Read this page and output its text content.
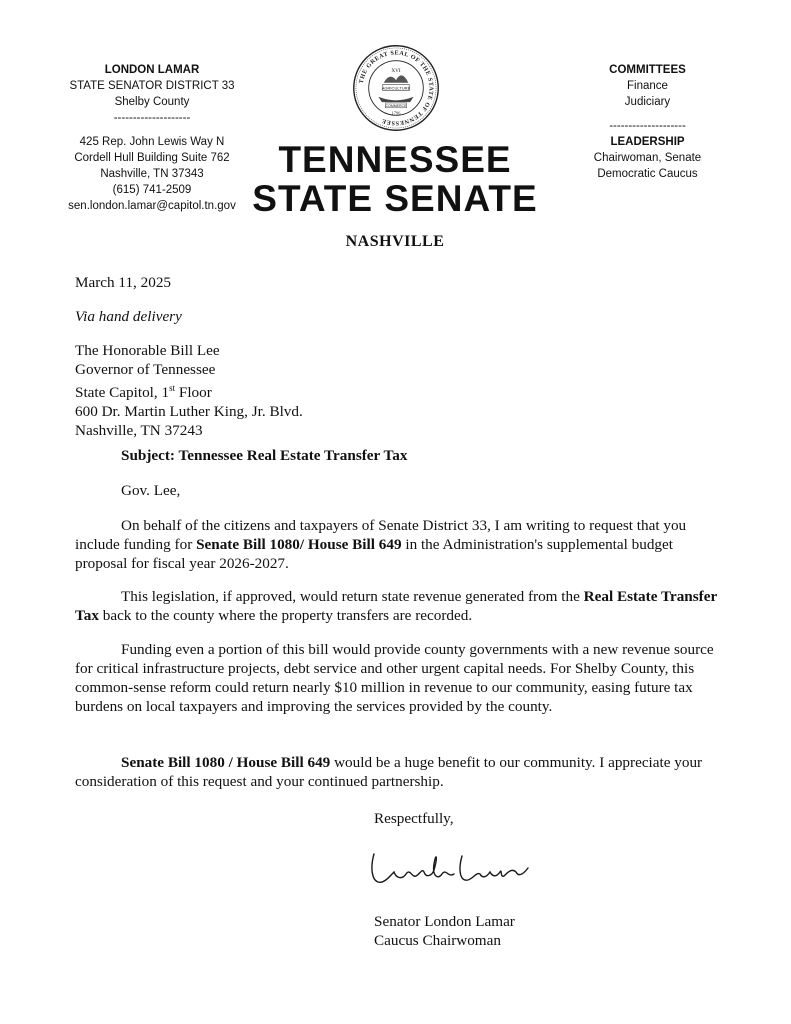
LONDON LAMAR
STATE SENATOR DISTRICT 33
Shelby County
--------------------
425 Rep. John Lewis Way N
Cordell Hull Building Suite 762
Nashville, TN 37343
(615) 741-2509
sen.london.lamar@capitol.tn.gov
THE GREAT SEAL OF THE STATE OF TENNESSEE
XVI
AGRICULTURE
COMMERCE
1796
TENNESSEE
STATE SENATE
NASHVILLE
COMMITTEES
Finance
Judiciary
--------------------
LEADERSHIP
Chairwoman, Senate
Democratic Caucus
March 11, 2025
Via hand delivery
The Honorable Bill Lee
Governor of Tennessee
State Capitol, 1st Floor
600 Dr. Martin Luther King, Jr. Blvd.
Nashville, TN 37243
Subject: Tennessee Real Estate Transfer Tax
Gov. Lee,
On behalf of the citizens and taxpayers of Senate District 33, I am writing to request that you include funding for Senate Bill 1080/ House Bill 649 in the Administration's supplemental budget proposal for fiscal year 2026-2027.
This legislation, if approved, would return state revenue generated from the Real Estate Transfer Tax back to the county where the property transfers are recorded.
Funding even a portion of this bill would provide county governments with a new revenue source for critical infrastructure projects, debt service and other urgent capital needs. For Shelby County, this common-sense reform could return nearly $10 million in revenue to our community, easing future tax burdens on local taxpayers and improving the services provided by the county.
Senate Bill 1080 / House Bill 649 would be a huge benefit to our community. I appreciate your consideration of this request and your continued partnership.
Respectfully,
Senator London Lamar
Caucus Chairwoman
